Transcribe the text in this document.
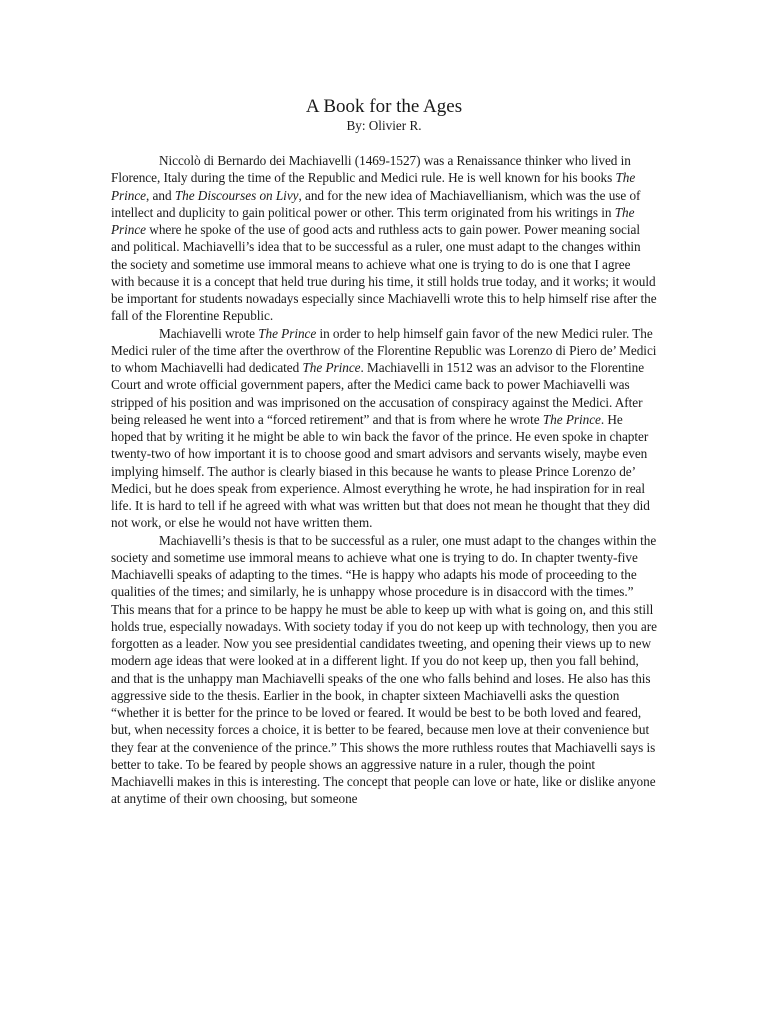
A Book for the Ages

By: Olivier R.

Niccolò di Bernardo dei Machiavelli (1469-1527) was a Renaissance thinker who lived in Florence, Italy during the time of the Republic and Medici rule. He is well known for his books The Prince, and The Discourses on Livy, and for the new idea of Machiavellianism, which was the use of intellect and duplicity to gain political power or other. This term originated from his writings in The Prince where he spoke of the use of good acts and ruthless acts to gain power. Power meaning social and political. Machiavelli’s idea that to be successful as a ruler, one must adapt to the changes within the society and sometime use immoral means to achieve what one is trying to do is one that I agree with because it is a concept that held true during his time, it still holds true today, and it works; it would be important for students nowadays especially since Machiavelli wrote this to help himself rise after the fall of the Florentine Republic.

Machiavelli wrote The Prince in order to help himself gain favor of the new Medici ruler. The Medici ruler of the time after the overthrow of the Florentine Republic was Lorenzo di Piero de’ Medici to whom Machiavelli had dedicated The Prince. Machiavelli in 1512 was an advisor to the Florentine Court and wrote official government papers, after the Medici came back to power Machiavelli was stripped of his position and was imprisoned on the accusation of conspiracy against the Medici. After being released he went into a “forced retirement” and that is from where he wrote The Prince. He hoped that by writing it he might be able to win back the favor of the prince. He even spoke in chapter twenty-two of how important it is to choose good and smart advisors and servants wisely, maybe even implying himself. The author is clearly biased in this because he wants to please Prince Lorenzo de’ Medici, but he does speak from experience. Almost everything he wrote, he had inspiration for in real life. It is hard to tell if he agreed with what was written but that does not mean he thought that they did not work, or else he would not have written them.

Machiavelli’s thesis is that to be successful as a ruler, one must adapt to the changes within the society and sometime use immoral means to achieve what one is trying to do. In chapter twenty-five Machiavelli speaks of adapting to the times. “He is happy who adapts his mode of proceeding to the qualities of the times; and similarly, he is unhappy whose procedure is in disaccord with the times.” This means that for a prince to be happy he must be able to keep up with what is going on, and this still holds true, especially nowadays. With society today if you do not keep up with technology, then you are forgotten as a leader. Now you see presidential candidates tweeting, and opening their views up to new modern age ideas that were looked at in a different light. If you do not keep up, then you fall behind, and that is the unhappy man Machiavelli speaks of the one who falls behind and loses. He also has this aggressive side to the thesis. Earlier in the book, in chapter sixteen Machiavelli asks the question “whether it is better for the prince to be loved or feared. It would be best to be both loved and feared, but, when necessity forces a choice, it is better to be feared, because men love at their convenience but they fear at the convenience of the prince.” This shows the more ruthless routes that Machiavelli says is better to take. To be feared by people shows an aggressive nature in a ruler, though the point Machiavelli makes in this is interesting. The concept that people can love or hate, like or dislike anyone at anytime of their own choosing, but someone
